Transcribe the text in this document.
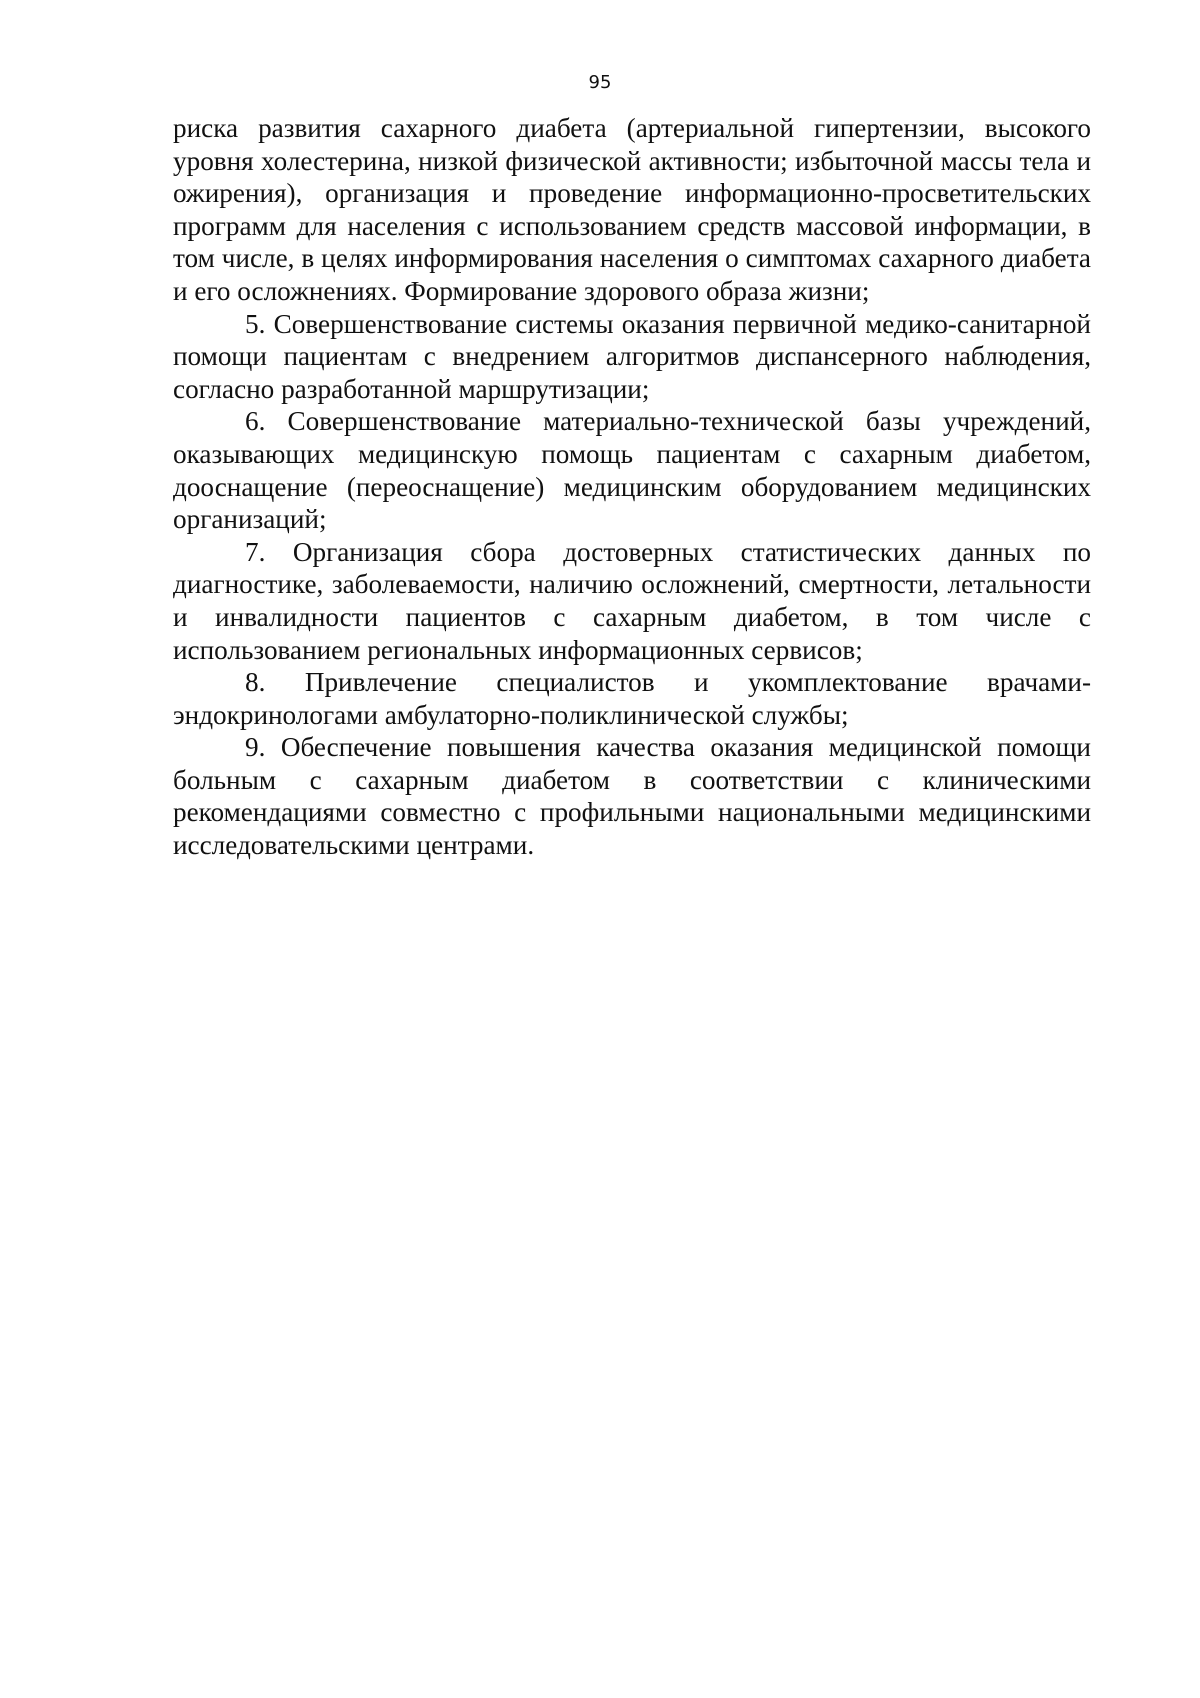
95

риска развития сахарного диабета (артериальной гипертензии, высокого уровня холестерина, низкой физической активности; избыточной массы тела и ожирения), организация и проведение информационно-просветительских программ для населения с использованием средств массовой информации, в том числе, в целях информирования населения о симптомах сахарного диабета и его осложнениях. Формирование здорового образа жизни;

5. Совершенствование системы оказания первичной медико-санитарной помощи пациентам с внедрением алгоритмов диспансерного наблюдения, согласно разработанной маршрутизации;

6. Совершенствование материально-технической базы учреждений, оказывающих медицинскую помощь пациентам с сахарным диабетом, дооснащение (переоснащение) медицинским оборудованием медицинских организаций;

7. Организация сбора достоверных статистических данных по диагностике, заболеваемости, наличию осложнений, смертности, летальности и инвалидности пациентов с сахарным диабетом, в том числе с использованием региональных информационных сервисов;

8. Привлечение специалистов и укомплектование врачами-эндокринологами амбулаторно-поликлинической службы;

9. Обеспечение повышения качества оказания медицинской помощи больным с сахарным диабетом в соответствии с клиническими рекомендациями совместно с профильными национальными медицинскими исследовательскими центрами.
